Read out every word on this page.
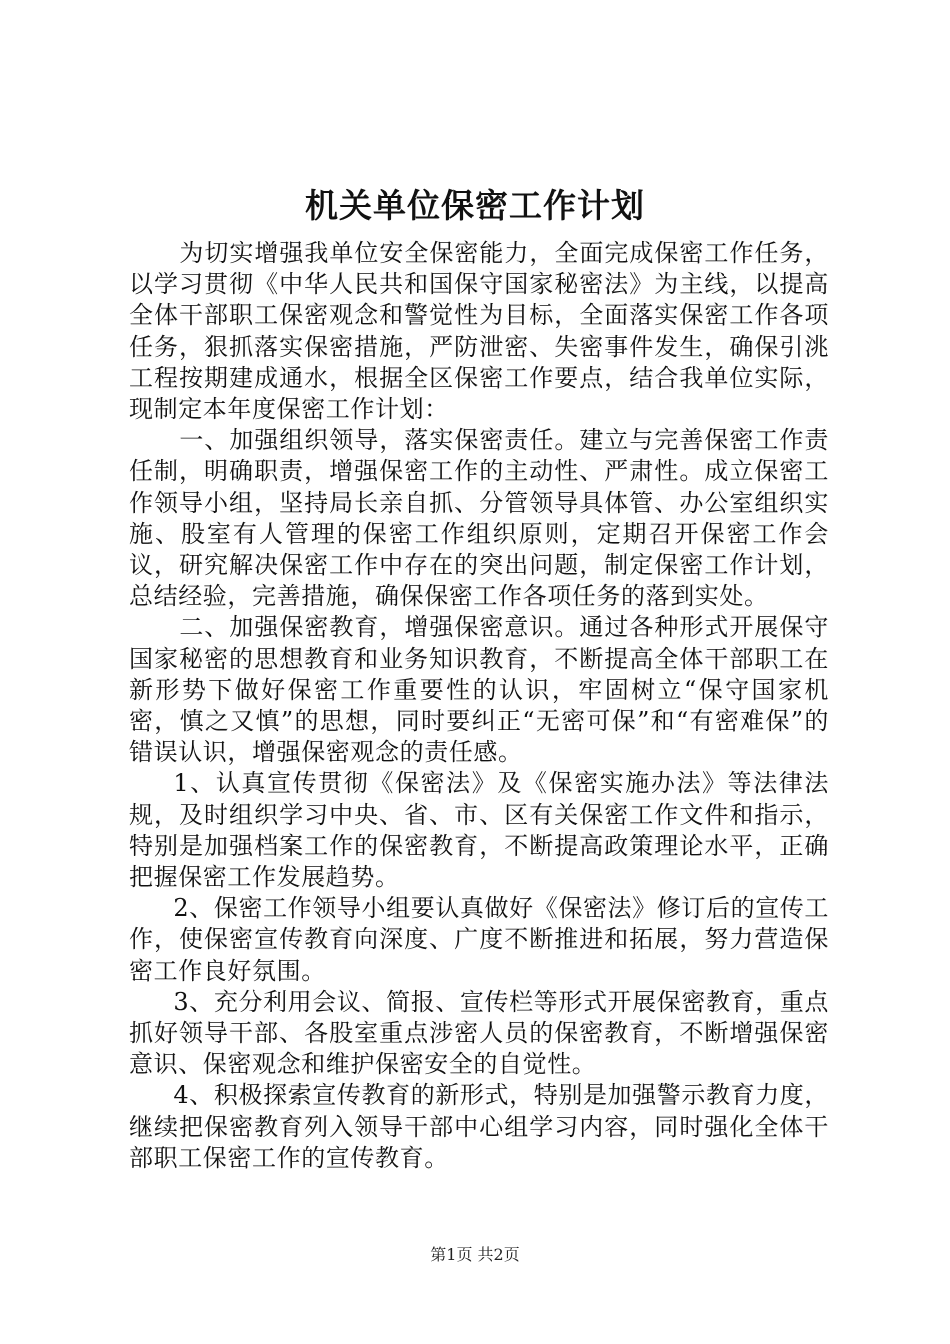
机关单位保密工作计划

为切实增强我单位安全保密能力，全面完成保密工作任务，以学习贯彻《中华人民共和国保守国家秘密法》为主线，以提高全体干部职工保密观念和警觉性为目标，全面落实保密工作各项任务，狠抓落实保密措施，严防泄密、失密事件发生，确保引洮工程按期建成通水，根据全区保密工作要点，结合我单位实际，现制定本年度保密工作计划：

一、加强组织领导，落实保密责任。建立与完善保密工作责任制，明确职责，增强保密工作的主动性、严肃性。成立保密工作领导小组，坚持局长亲自抓、分管领导具体管、办公室组织实施、股室有人管理的保密工作组织原则，定期召开保密工作会议，研究解决保密工作中存在的突出问题，制定保密工作计划，总结经验，完善措施，确保保密工作各项任务的落到实处。

二、加强保密教育，增强保密意识。通过各种形式开展保守国家秘密的思想教育和业务知识教育，不断提高全体干部职工在新形势下做好保密工作重要性的认识，牢固树立“保守国家机密，慎之又慎”的思想，同时要纠正“无密可保”和“有密难保”的错误认识，增强保密观念的责任感。

1、认真宣传贯彻《保密法》及《保密实施办法》等法律法规，及时组织学习中央、省、市、区有关保密工作文件和指示，特别是加强档案工作的保密教育，不断提高政策理论水平，正确把握保密工作发展趋势。

2、保密工作领导小组要认真做好《保密法》修订后的宣传工作，使保密宣传教育向深度、广度不断推进和拓展，努力营造保密工作良好氛围。

3、充分利用会议、简报、宣传栏等形式开展保密教育，重点抓好领导干部、各股室重点涉密人员的保密教育，不断增强保密意识、保密观念和维护保密安全的自觉性。

4、积极探索宣传教育的新形式，特别是加强警示教育力度，继续把保密教育列入领导干部中心组学习内容，同时强化全体干部职工保密工作的宣传教育。

第1页 共2页
